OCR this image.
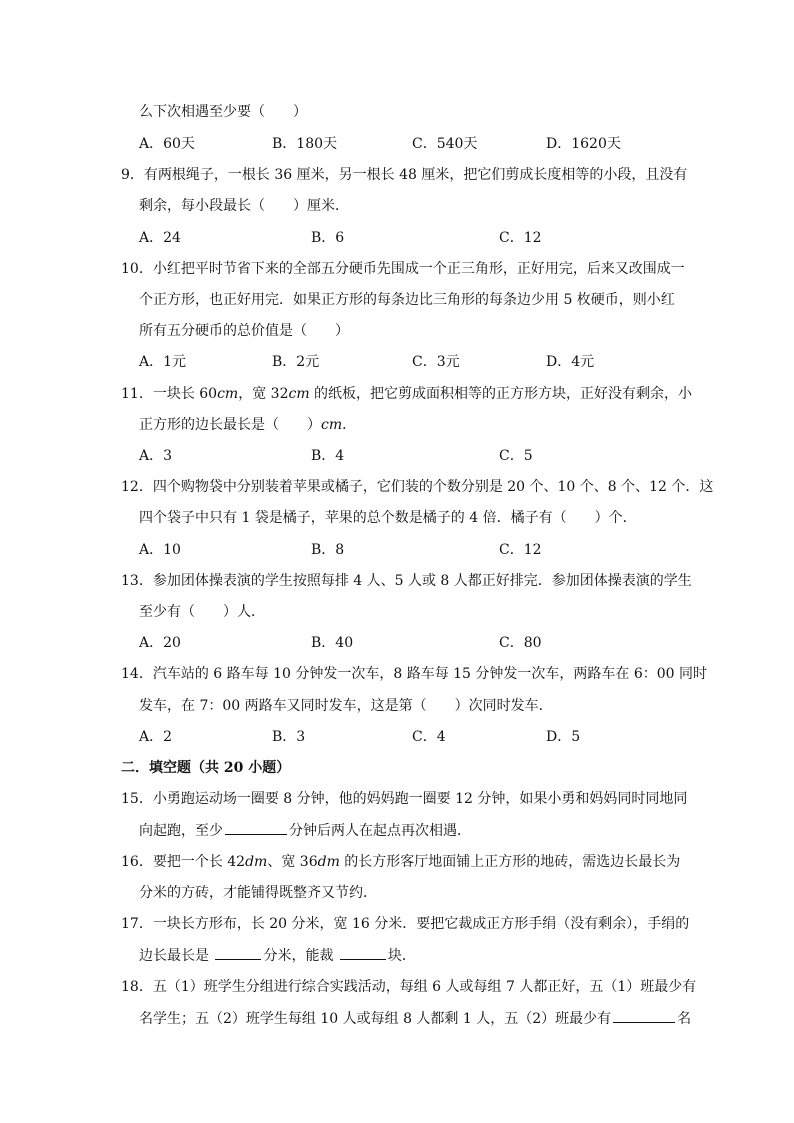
么下次相遇至少要（　　）
A．60天	B．180天	C．540天	D．1620天
9．有两根绳子，一根长 36 厘米，另一根长 48 厘米，把它们剪成长度相等的小段，且没有
剩余，每小段最长（　　）厘米．
A．24	B．6	C．12
10．小红把平时节省下来的全部五分硬币先围成一个正三角形，正好用完，后来又改围成一
个正方形，也正好用完．如果正方形的每条边比三角形的每条边少用 5 枚硬币，则小红
所有五分硬币的总价值是（　　）
A．1元	B．2元	C．3元	D．4元
11．一块长 60cm，宽 32cm 的纸板，把它剪成面积相等的正方形方块，正好没有剩余，小
正方形的边长最长是（　　）cm．
A．3	B．4	C．5
12．四个购物袋中分别装着苹果或橘子，它们装的个数分别是 20 个、10 个、8 个、12 个．这
四个袋子中只有 1 袋是橘子，苹果的总个数是橘子的 4 倍．橘子有（　　）个．
A．10	B．8	C．12
13．参加团体操表演的学生按照每排 4 人、5 人或 8 人都正好排完．参加团体操表演的学生
至少有（　　）人．
A．20	B．40	C．80
14．汽车站的 6 路车每 10 分钟发一次车，8 路车每 15 分钟发一次车，两路车在 6：00 同时
发车，在 7：00 两路车又同时发车，这是第（　　）次同时发车．
A．2	B．3	C．4	D．5
二．填空题（共 20 小题）
15．小勇跑运动场一圈要 8 分钟，他的妈妈跑一圈要 12 分钟，如果小勇和妈妈同时同地同
向起跑，至少	分钟后两人在起点再次相遇．
16．要把一个长 42dm、宽 36dm 的长方形客厅地面铺上正方形的地砖，需选边长最长为
分米的方砖，才能铺得既整齐又节约．
17．一块长方形布，长 20 分米，宽 16 分米．要把它裁成正方形手绢（没有剩余），手绢的
边长最长是	分米，能裁	块．
18．五（1）班学生分组进行综合实践活动，每组 6 人或每组 7 人都正好，五（1）班最少有
名学生；五（2）班学生每组 10 人或每组 8 人都剩 1 人，五（2）班最少有	名
